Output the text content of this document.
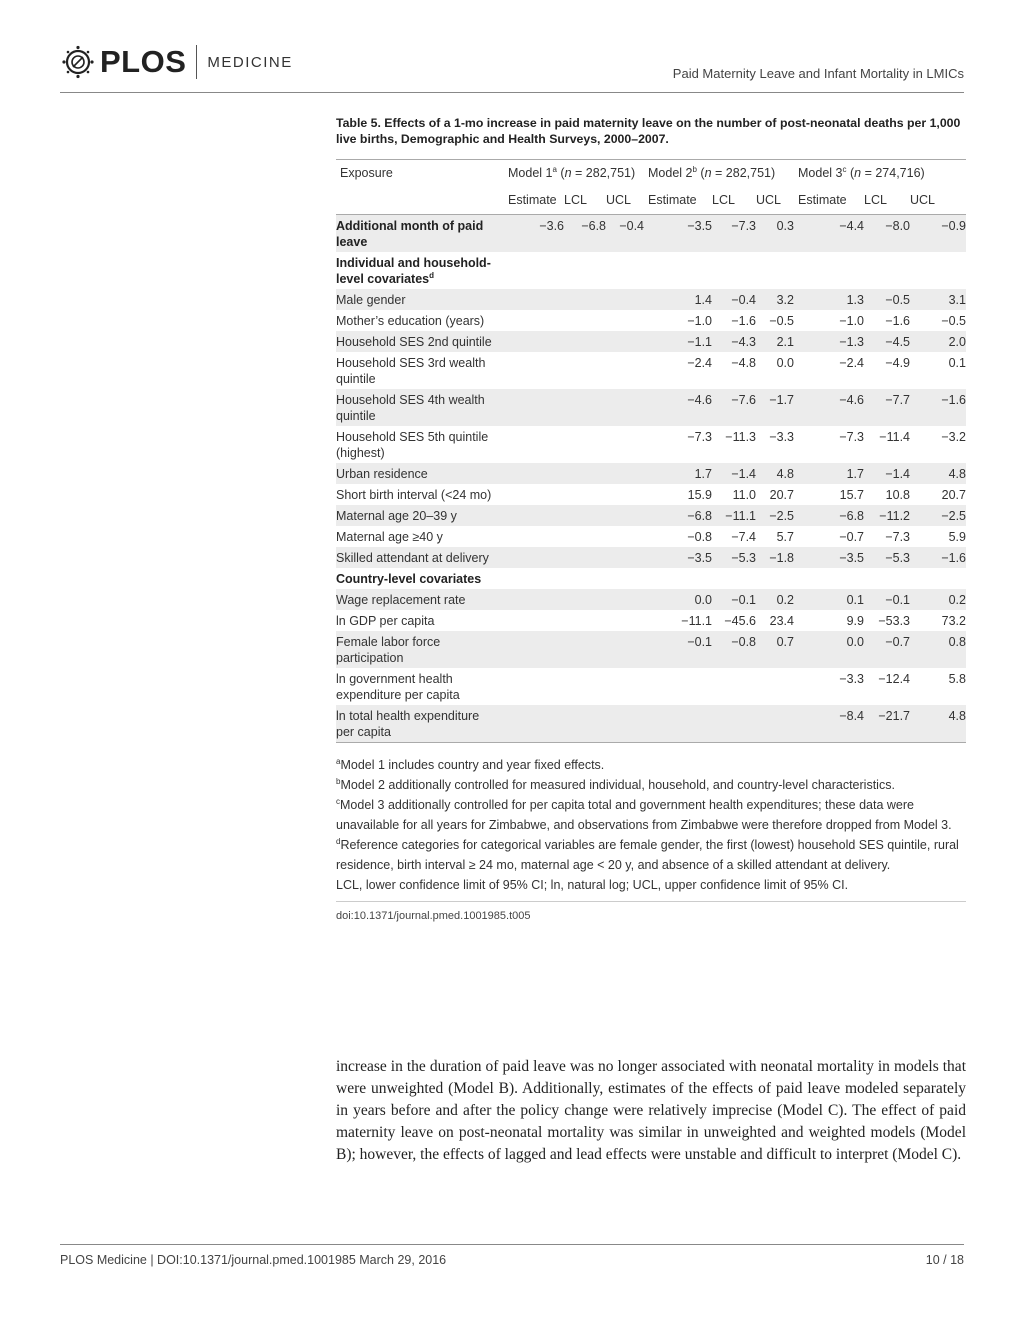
PLOS MEDICINE
Paid Maternity Leave and Infant Mortality in LMICs

Table 5. Effects of a 1-mo increase in paid maternity leave on the number of post-neonatal deaths per 1,000 live births, Demographic and Health Surveys, 2000–2007.

Exposure	Model 1$^a$ (n = 282,751)			Model 2$^b$ (n = 282,751)			Model 3$^c$ (n = 274,716)		
	Estimate	LCL	UCL	Estimate	LCL	UCL	Estimate	LCL	UCL
Additional month of paid leave	−3.6	−6.8	−0.4	−3.5	−7.3	0.3	−4.4	−8.0	−0.9
Individual and household-level covariates$^d$									
Male gender				1.4	−0.4	3.2	1.3	−0.5	3.1
Mother’s education (years)				−1.0	−1.6	−0.5	−1.0	−1.6	−0.5
Household SES 2nd quintile				−1.1	−4.3	2.1	−1.3	−4.5	2.0
Household SES 3rd wealth quintile				−2.4	−4.8	0.0	−2.4	−4.9	0.1
Household SES 4th wealth quintile				−4.6	−7.6	−1.7	−4.6	−7.7	−1.6
Household SES 5th quintile (highest)				−7.3	−11.3	−3.3	−7.3	−11.4	−3.2
Urban residence				1.7	−1.4	4.8	1.7	−1.4	4.8
Short birth interval (<24 mo)				15.9	11.0	20.7	15.7	10.8	20.7
Maternal age 20–39 y				−6.8	−11.1	−2.5	−6.8	−11.2	−2.5
Maternal age ≥40 y				−0.8	−7.4	5.7	−0.7	−7.3	5.9
Skilled attendant at delivery				−3.5	−5.3	−1.8	−3.5	−5.3	−1.6
Country-level covariates									
Wage replacement rate				0.0	−0.1	0.2	0.1	−0.1	0.2
ln GDP per capita				−11.1	−45.6	23.4	9.9	−53.3	73.2
Female labor force participation				−0.1	−0.8	0.7	0.0	−0.7	0.8
ln government health expenditure per capita							−3.3	−12.4	5.8
ln total health expenditure per capita							−8.4	−21.7	4.8

$^a$Model 1 includes country and year fixed effects.

$^b$Model 2 additionally controlled for measured individual, household, and country-level characteristics.

$^c$Model 3 additionally controlled for per capita total and government health expenditures; these data were unavailable for all years for Zimbabwe, and observations from Zimbabwe were therefore dropped from Model 3.

$^d$Reference categories for categorical variables are female gender, the first (lowest) household SES quintile, rural residence, birth interval ≥ 24 mo, maternal age < 20 y, and absence of a skilled attendant at delivery.

LCL, lower confidence limit of 95% CI; ln, natural log; UCL, upper confidence limit of 95% CI.

doi:10.1371/journal.pmed.1001985.t005

increase in the duration of paid leave was no longer associated with neonatal mortality in models that were unweighted (Model B). Additionally, estimates of the effects of paid leave modeled separately in years before and after the policy change were relatively imprecise (Model C). The effect of paid maternity leave on post-neonatal mortality was similar in unweighted and weighted models (Model B); however, the effects of lagged and lead effects were unstable and difficult to interpret (Model C).

PLOS Medicine | DOI:10.1371/journal.pmed.1001985 March 29, 2016	10 / 18
